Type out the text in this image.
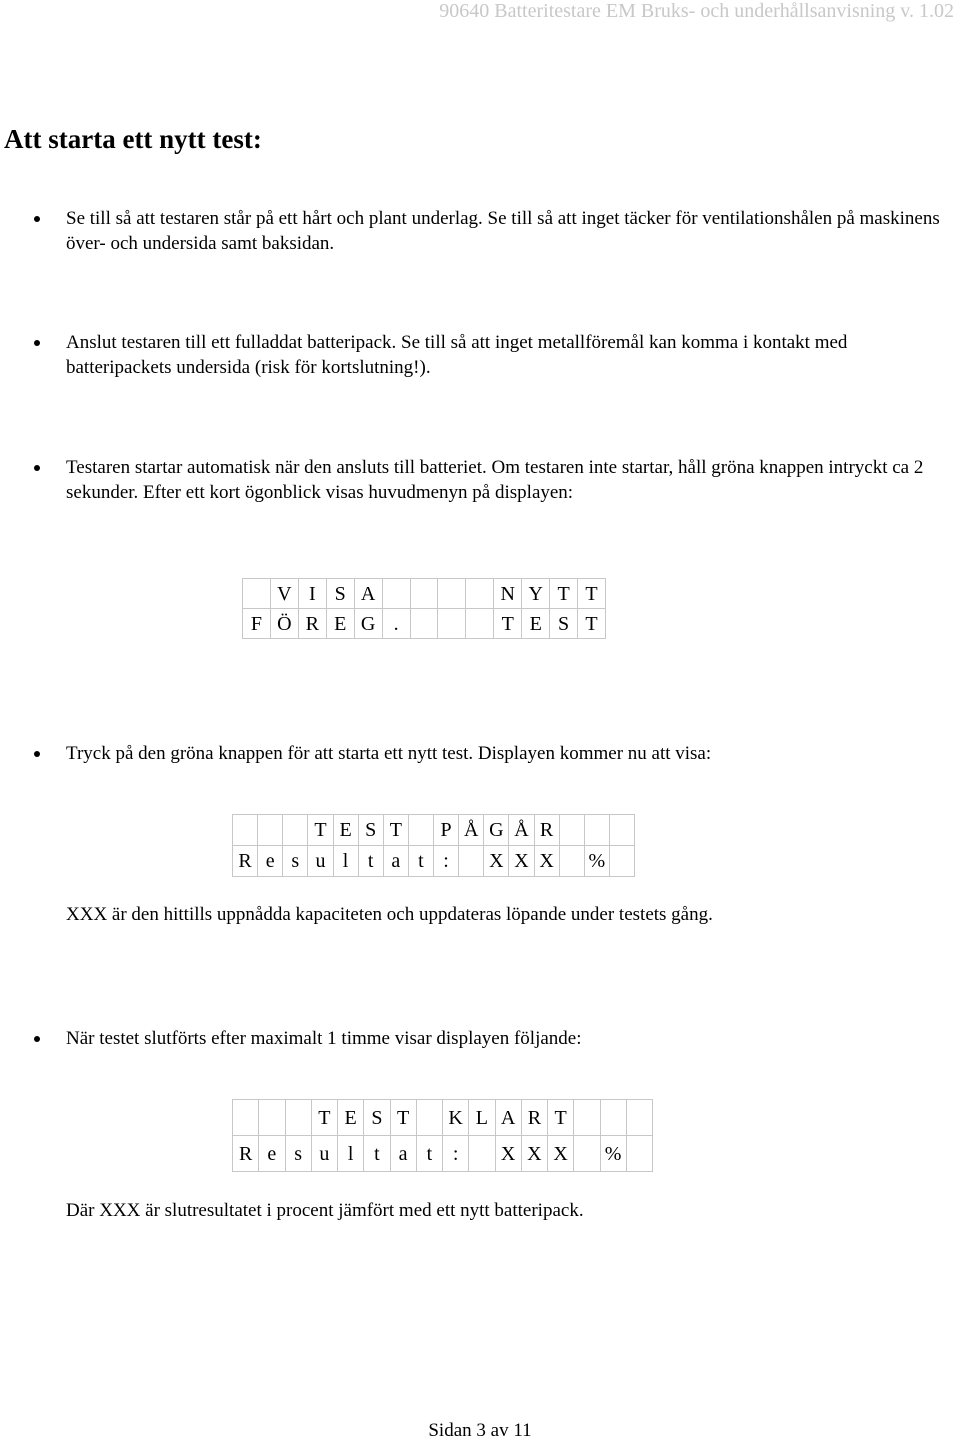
90640 Batteritestare EM Bruks- och underhållsanvisning v. 1.02
Att starta ett nytt test:

Se till så att testaren står på ett hårt och plant underlag. Se till så att inget täcker för ventilationshålen på maskinens över- och undersida samt baksidan.

Anslut testaren till ett fulladdat batteripack. Se till så att inget metallföremål kan komma i kontakt med batteripackets undersida (risk för kortslutning!).

Testaren startar automatisk när den ansluts till batteriet. Om testaren inte startar, håll gröna knappen intryckt ca 2 sekunder. Efter ett kort ögonblick visas huvudmenyn på displayen:

	V	I	S	A					N	Y	T	T
F	Ö	R	E	G	.				T	E	S	T

Tryck på den gröna knappen för att starta ett nytt test. Displayen kommer nu att visa:

			T	E	S	T		P	Å	G	Å	R			
R	e	s	u	l	t	a	t	:		X	X	X		%	

XXX är den hittills uppnådda kapaciteten och uppdateras löpande under testets gång.

När testet slutförts efter maximalt 1 timme visar displayen följande:

			T	E	S	T		K	L	A	R	T			
R	e	s	u	l	t	a	t	:		X	X	X		%	

Där XXX är slutresultatet i procent jämfört med ett nytt batteripack.

Sidan 3 av 11
